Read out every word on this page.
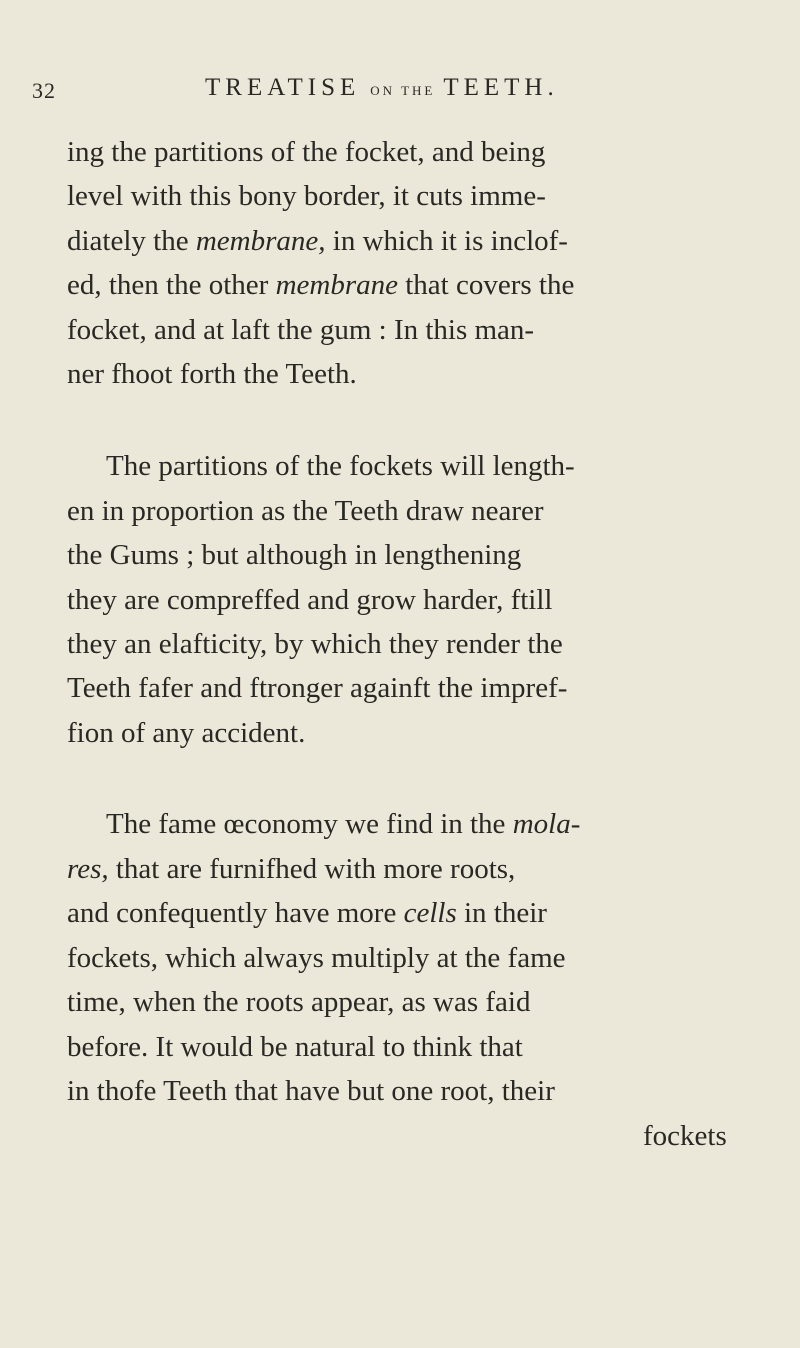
32	TREATISE ON THE TEETH.
ing the partitions of the focket, and being
level with this bony border, it cuts imme-
diately the membrane, in which it is inclof-
ed, then the other membrane that covers the
focket, and at laft the gum : In this man-
ner fhoot forth the Teeth.
The partitions of the fockets will length-
en in proportion as the Teeth draw nearer
the Gums ; but although in lengthening
they are compreffed and grow harder, ftill
they an elafticity, by which they render the
Teeth fafer and ftronger againft the impref-
fion of any accident.
The fame œconomy we find in the mola-
res, that are furnifhed with more roots,
and confequently have more cells in their
fockets, which always multiply at the fame
time, when the roots appear, as was faid
before. It would be natural to think that
in thofe Teeth that have but one root, their
fockets
